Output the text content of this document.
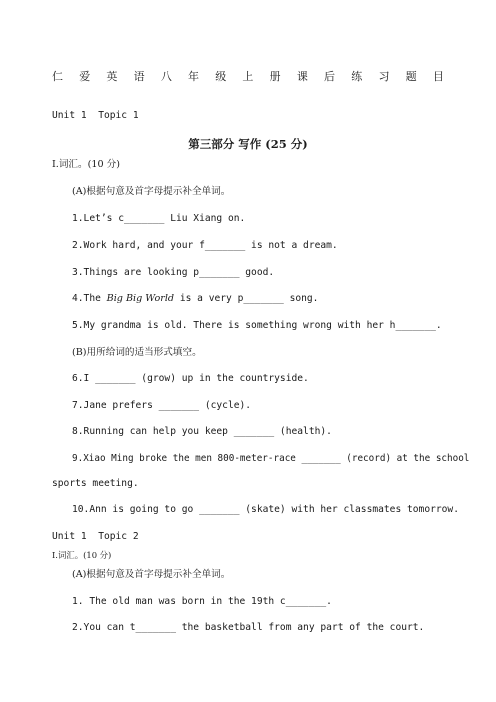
仁 爱 英 语 八 年 级 上 册 课 后 练 习 题 目
Unit 1  Topic 1
第三部分 写作 (25 分)
Ⅰ.词汇。(10 分)
(A)根据句意及首字母提示补全单词。
1.Let’s c_______ Liu Xiang on.
2.Work hard, and your f_______ is not a dream.
3.Things are looking p_______ good.
4.The Big Big World is a very p_______ song.
5.My grandma is old. There is something wrong with her h_______.
(B)用所给词的适当形式填空。
6.I _______ (grow) up in the countryside.
7.Jane prefers _______ (cycle).
8.Running can help you keep _______ (health).
9.Xiao Ming broke the men 800-meter-race _______ (record) at the school
sports meeting.
10.Ann is going to go _______ (skate) with her classmates tomorrow.
Unit 1  Topic 2
Ⅰ.词汇。(10 分)
(A)根据句意及首字母提示补全单词。
1. The old man was born in the 19th c_______.
2.You can t_______ the basketball from any part of the court.
